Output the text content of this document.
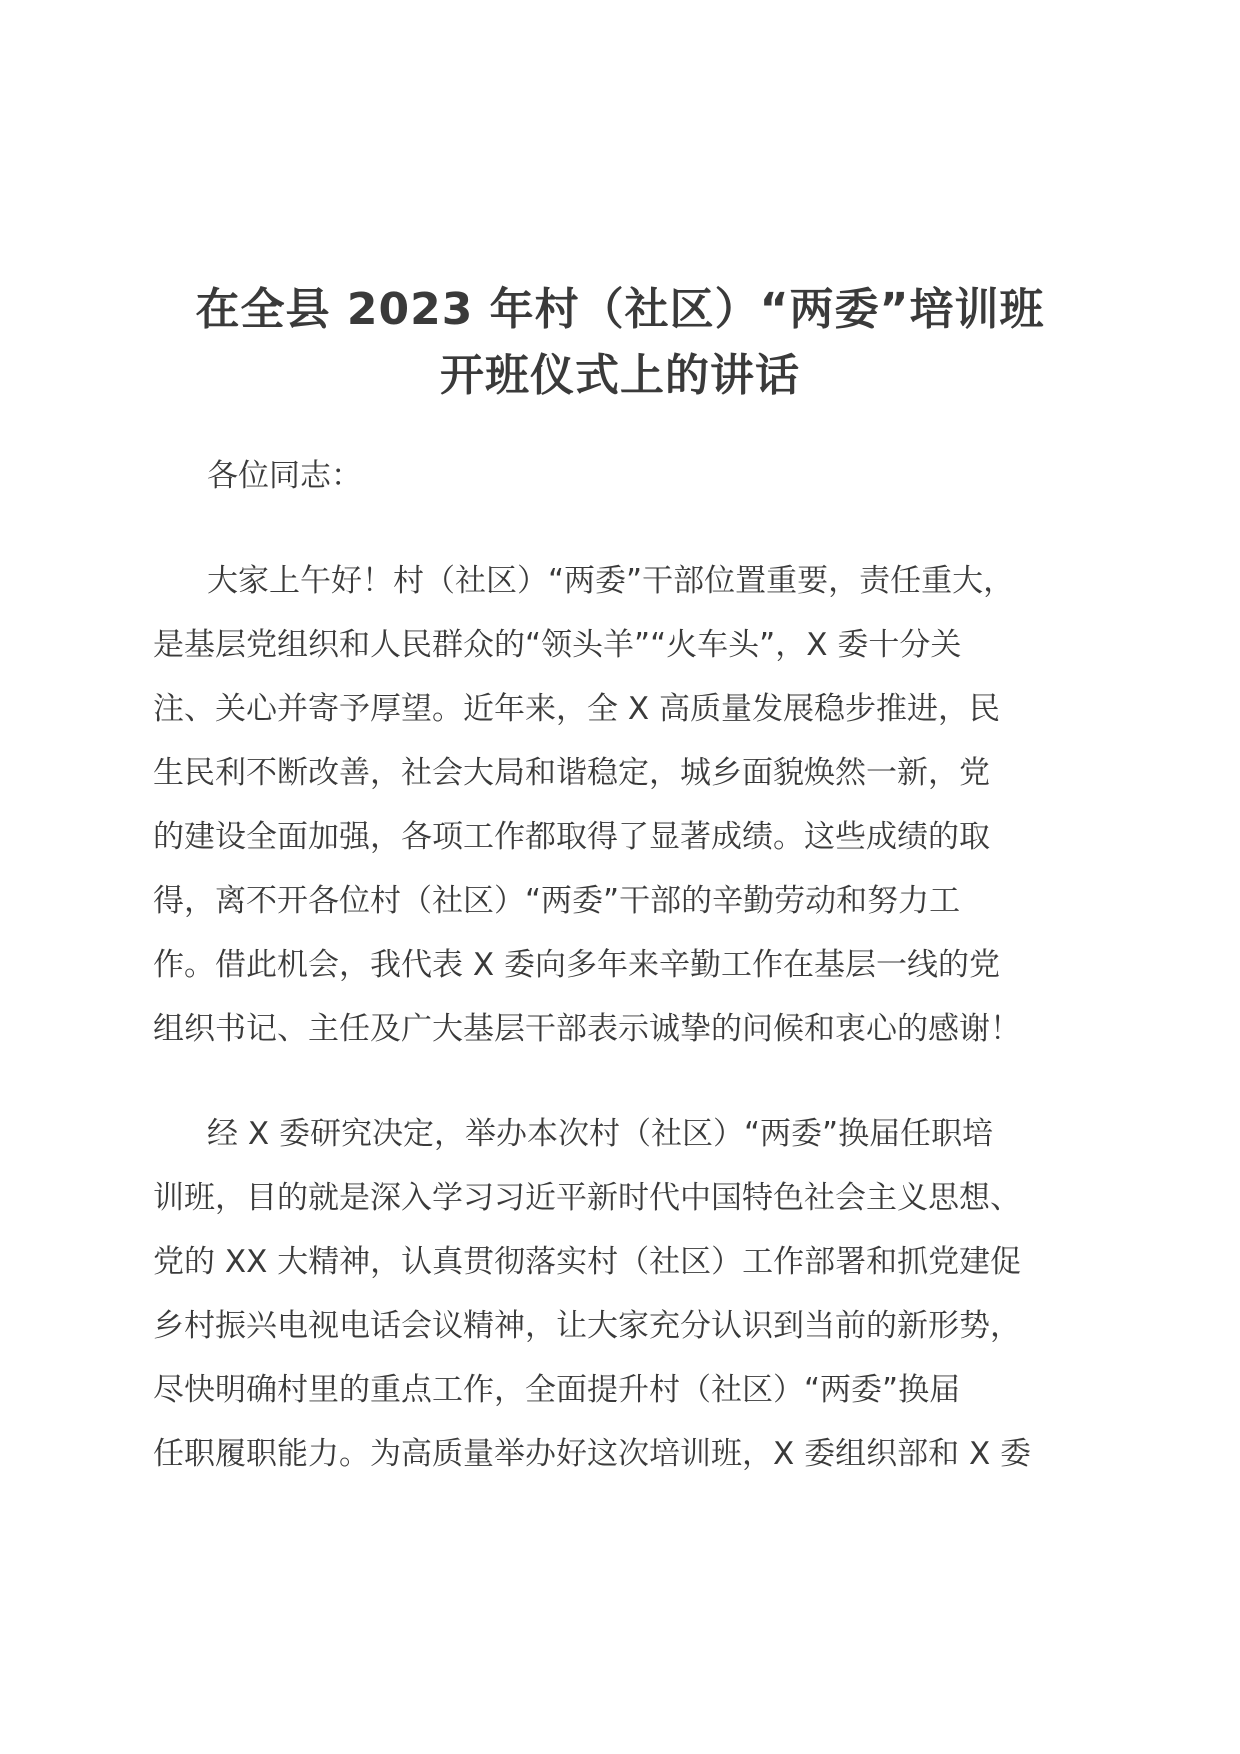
在全县 2023 年村（社区）“两委”培训班
开班仪式上的讲话
各位同志：
大家上午好！村（社区）“两委”干部位置重要，责任重大，
是基层党组织和人民群众的“领头羊”“火车头”，X 委十分关
注、关心并寄予厚望。近年来，全 X 高质量发展稳步推进，民
生民利不断改善，社会大局和谐稳定，城乡面貌焕然一新，党
的建设全面加强，各项工作都取得了显著成绩。这些成绩的取
得，离不开各位村（社区）“两委”干部的辛勤劳动和努力工
作。借此机会，我代表 X 委向多年来辛勤工作在基层一线的党
组织书记、主任及广大基层干部表示诚挚的问候和衷心的感谢！
经 X 委研究决定，举办本次村（社区）“两委”换届任职培
训班，目的就是深入学习习近平新时代中国特色社会主义思想、
党的 XX 大精神，认真贯彻落实村（社区）工作部署和抓党建促
乡村振兴电视电话会议精神，让大家充分认识到当前的新形势，
尽快明确村里的重点工作，全面提升村（社区）“两委”换届
任职履职能力。为高质量举办好这次培训班，X 委组织部和 X 委
